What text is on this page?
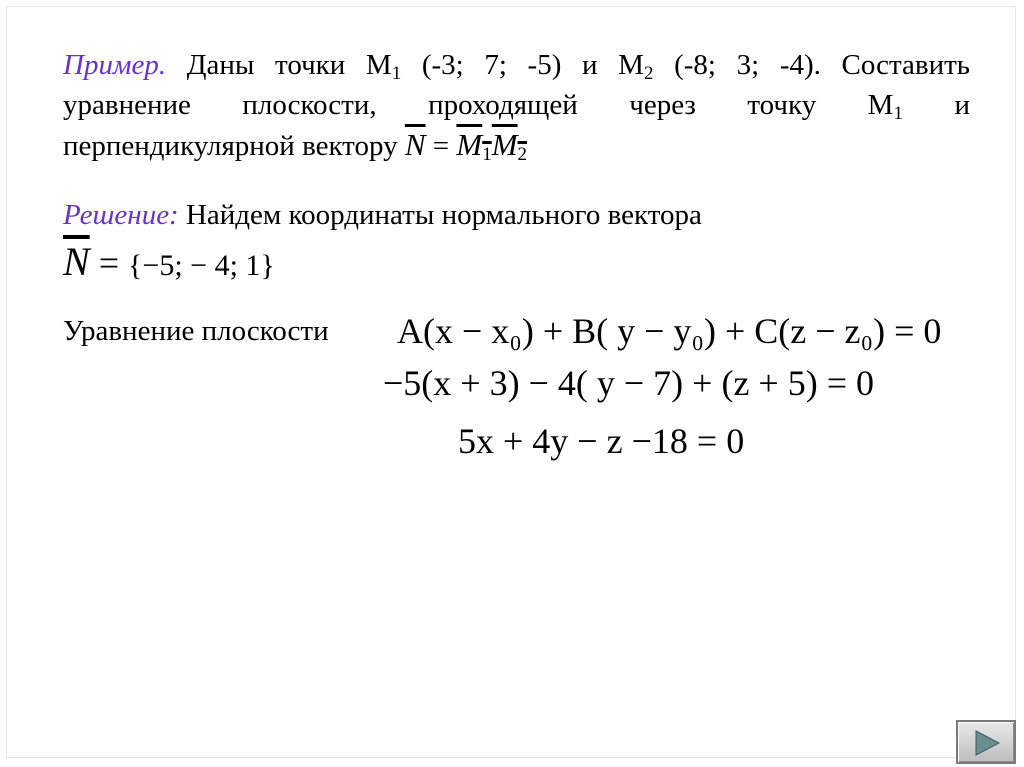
Пример. Даны точки $М_1$ (-3; 7; -5) и $М_2$ (-8; 3; -4). Составить
уравнение плоскости, проходящей через точку $М_1$ и
перпендикулярной вектору $\overline{N} = M_1M_2$
Решение: Найдем координаты нормального вектора
$\overline{N} = \{-5$; − 4; 1}
Уравнение плоскости A(x − x₀) + B( y − y₀) + C(z − z₀) = 0
−5(x + 3) − 4( y − 7) + (z + 5) = 0
5x + 4y − z −18 = 0
